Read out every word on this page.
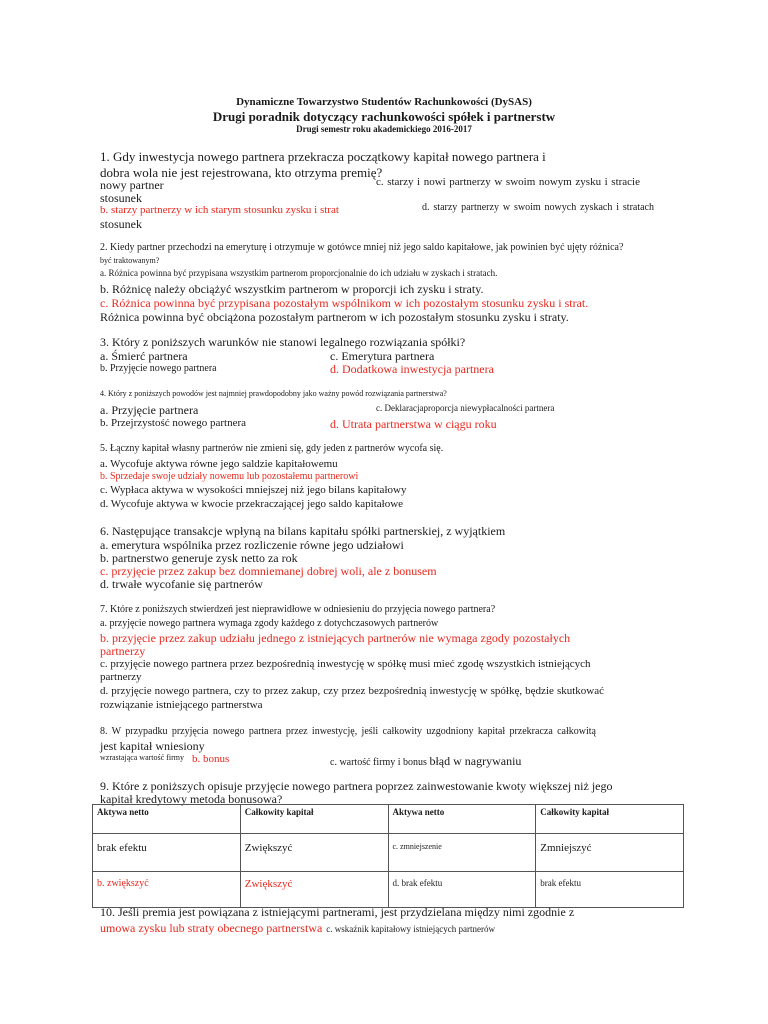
Dynamiczne Towarzystwo Studentów Rachunkowości (DySAS)
Drugi poradnik dotyczący rachunkowości spółek i partnerstw
Drugi semestr roku akademickiego 2016-2017
1. Gdy inwestycja nowego partnera przekracza początkowy kapitał nowego partnera i
dobra wola nie jest rejestrowana, kto otrzyma premię?
nowy partner	c. starzy i nowi partnerzy w swoim nowym zysku i stracie
stosunek
b. starzy partnerzy w ich starym stosunku zysku i strat	d. starzy partnerzy w swoim nowych zyskach i stratach
stosunek
2. Kiedy partner przechodzi na emeryturę i otrzymuje w gotówce mniej niż jego saldo kapitałowe, jak powinien być ujęty różnica?
być traktowanym?
a. Różnica powinna być przypisana wszystkim partnerom proporcjonalnie do ich udziału w zyskach i stratach.
b. Różnicę należy obciążyć wszystkim partnerom w proporcji ich zysku i straty.
c. Różnica powinna być przypisana pozostałym wspólnikom w ich pozostałym stosunku zysku i strat.
Różnica powinna być obciążona pozostałym partnerom w ich pozostałym stosunku zysku i straty.
3. Który z poniższych warunków nie stanowi legalnego rozwiązania spółki?
a. Śmierć partnera	c. Emerytura partnera
b. Przyjęcie nowego partnera	d. Dodatkowa inwestycja partnera
4. Który z poniższych powodów jest najmniej prawdopodobny jako ważny powód rozwiązania partnerstwa?
a. Przyjęcie partnera	c. Deklaracjaproporcja niewypłacalności partnera
b. Przejrzystość nowego partnera	d. Utrata partnerstwa w ciągu roku
5. Łączny kapitał własny partnerów nie zmieni się, gdy jeden z partnerów wycofa się.
a. Wycofuje aktywa równe jego saldzie kapitałowemu
b. Sprzedaje swoje udziały nowemu lub pozostałemu partnerowi
c. Wypłaca aktywa w wysokości mniejszej niż jego bilans kapitałowy
d. Wycofuje aktywa w kwocie przekraczającej jego saldo kapitałowe
6. Następujące transakcje wpłyną na bilans kapitału spółki partnerskiej, z wyjątkiem
a. emerytura wspólnika przez rozliczenie równe jego udziałowi
b. partnerstwo generuje zysk netto za rok
c. przyjęcie przez zakup bez domniemanej dobrej woli, ale z bonusem
d. trwałe wycofanie się partnerów
7. Które z poniższych stwierdzeń jest nieprawidłowe w odniesieniu do przyjęcia nowego partnera?
a. przyjęcie nowego partnera wymaga zgody każdego z dotychczasowych partnerów
b. przyjęcie przez zakup udziału jednego z istniejących partnerów nie wymaga zgody pozostałych
partnerzy
c. przyjęcie nowego partnera przez bezpośrednią inwestycję w spółkę musi mieć zgodę wszystkich istniejących
partnerzy
d. przyjęcie nowego partnera, czy to przez zakup, czy przez bezpośrednią inwestycję w spółkę, będzie skutkować
rozwiązanie istniejącego partnerstwa
8. W przypadku przyjęcia nowego partnera przez inwestycję, jeśli całkowity uzgodniony kapitał przekracza całkowitą
jest kapitał wniesiony
wzrastająca wartość firmy b. bonus	c. wartość firmy i bonus błąd w nagrywaniu
9. Które z poniższych opisuje przyjęcie nowego partnera poprzez zainwestowanie kwoty większej niż jego
kapitał kredytowy metoda bonusowa?
Aktywa netto	Całkowity kapitał	Aktywa netto	Całkowity kapitał
brak efektu	Zwiększyć	c. zmniejszenie	Zmniejszyć
b. zwiększyć	Zwiększyć	d. brak efektu	brak efektu
10. Jeśli premia jest powiązana z istniejącymi partnerami, jest przydzielana między nimi zgodnie z
umowa zysku lub straty obecnego partnerstwa c. wskaźnik kapitałowy istniejących partnerów
